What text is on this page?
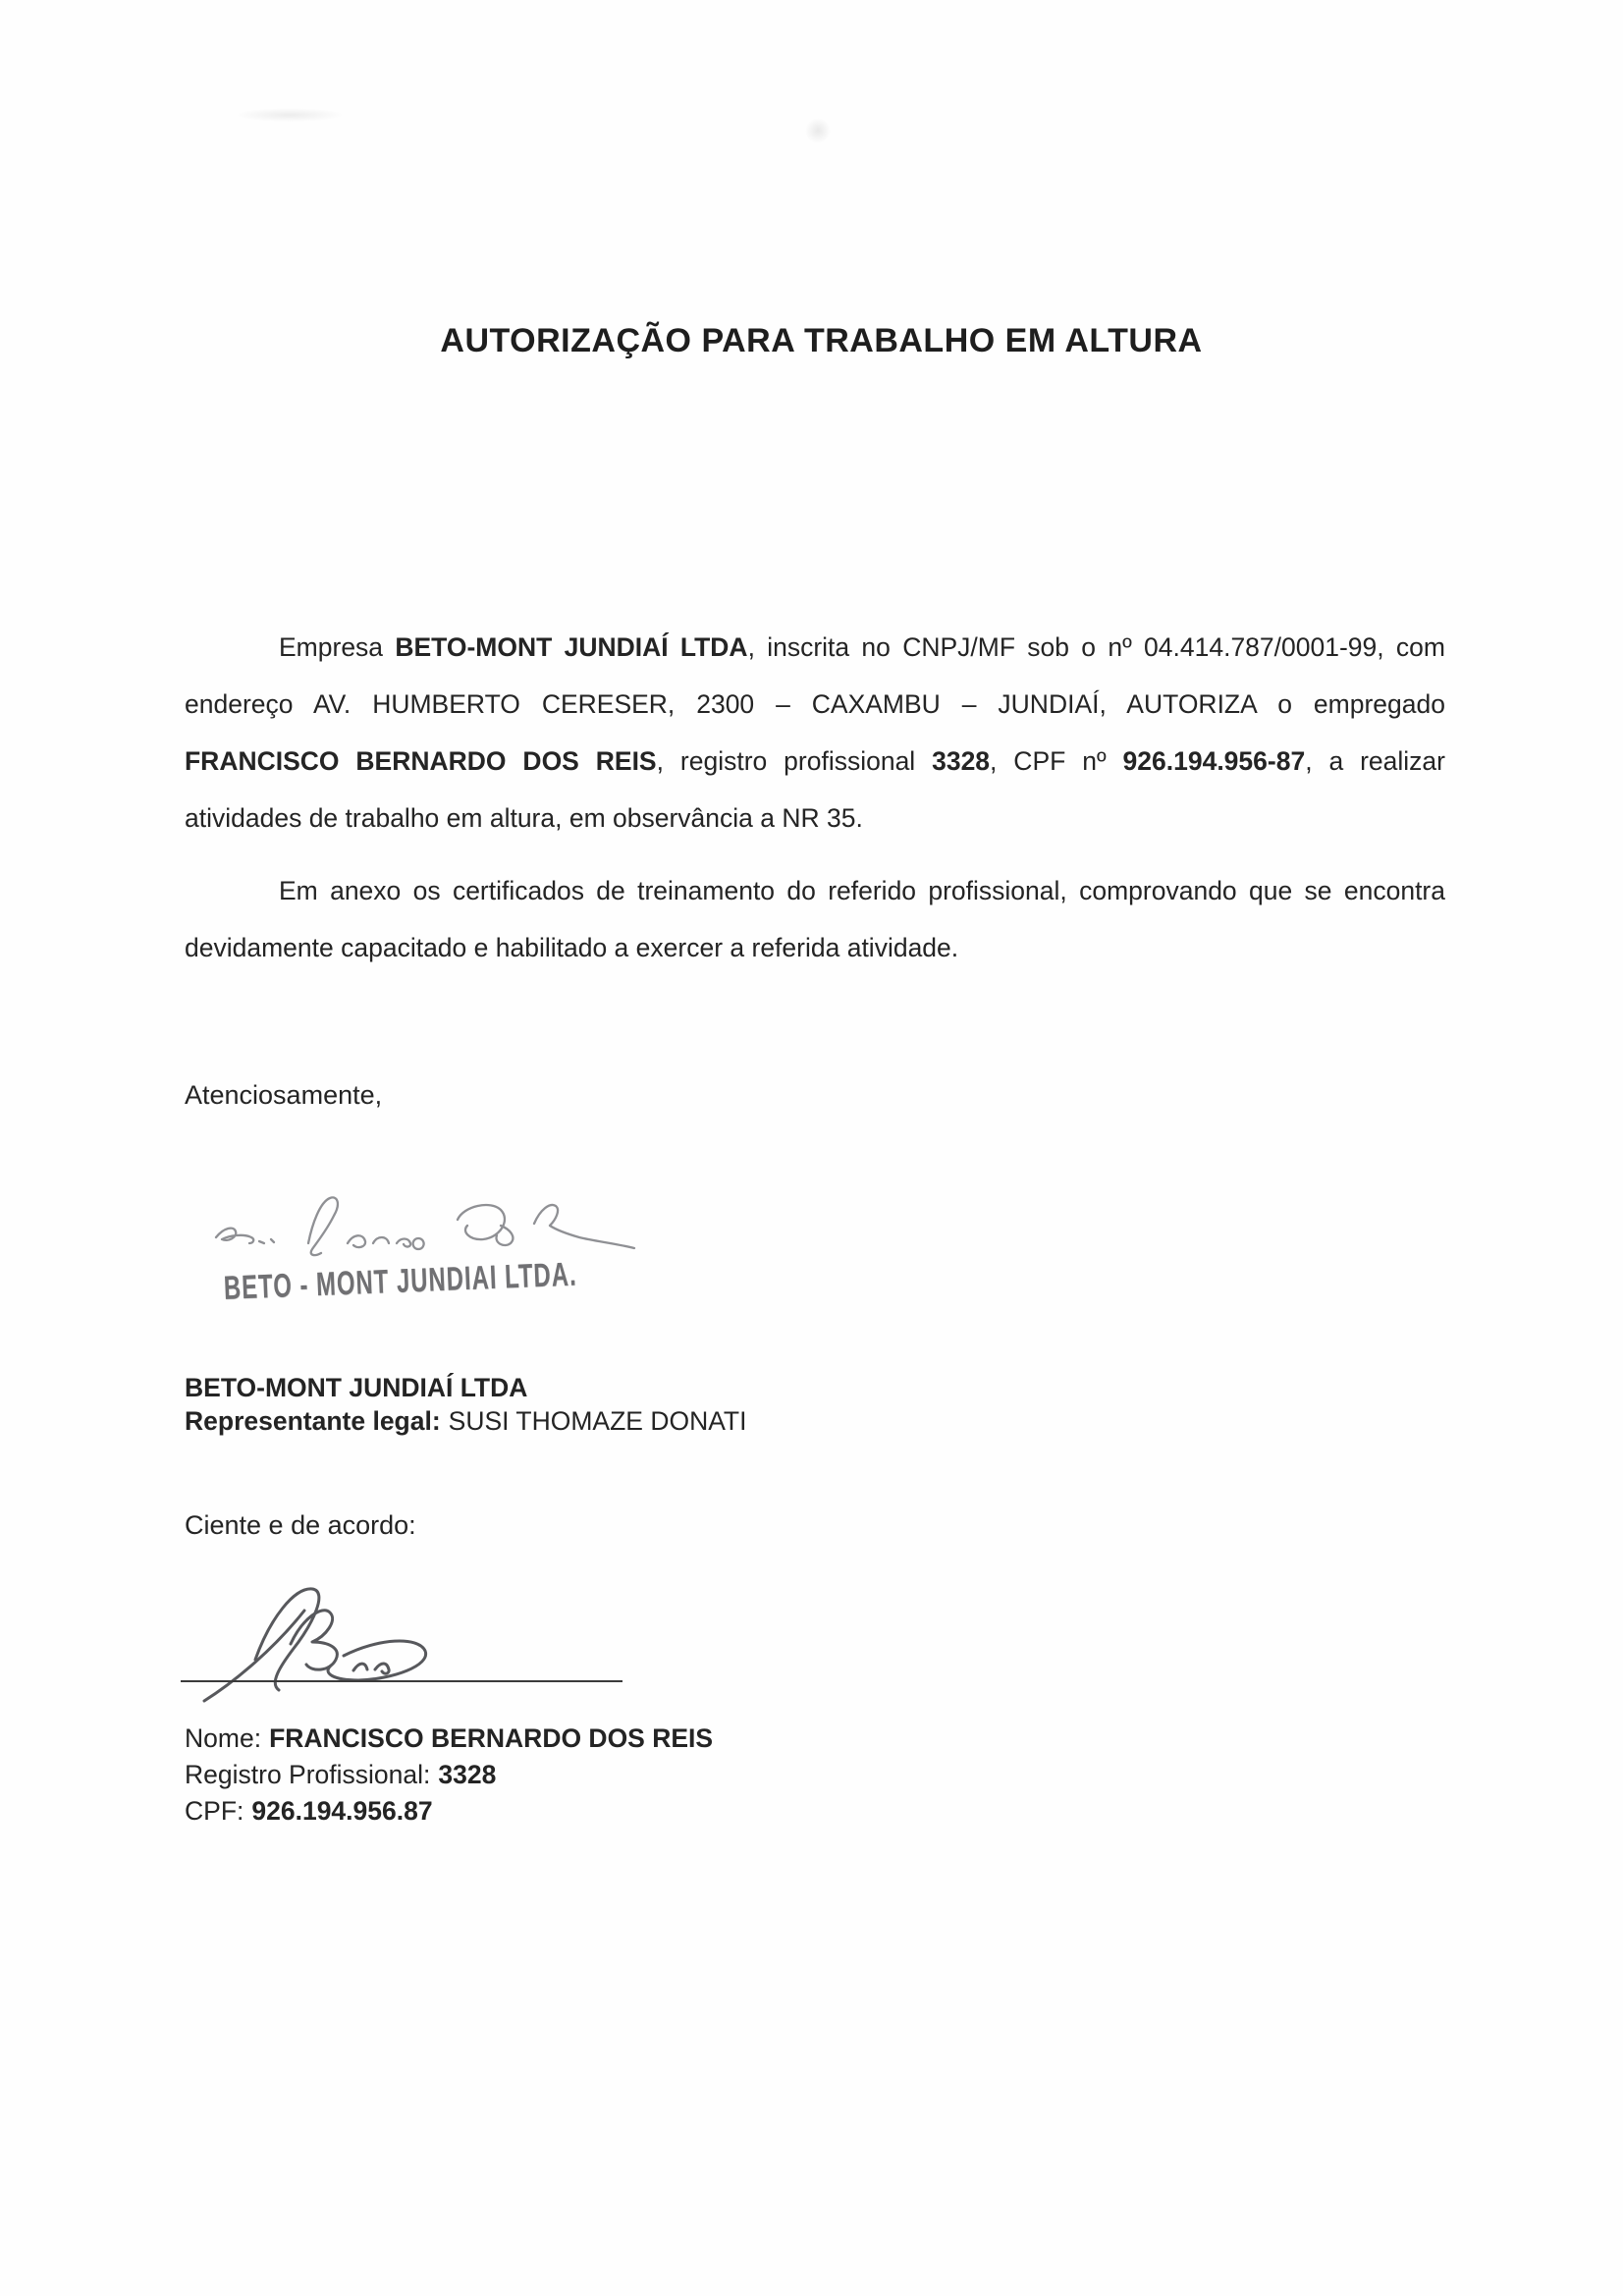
AUTORIZAÇÃO PARA TRABALHO EM ALTURA

Empresa BETO-MONT JUNDIAÍ LTDA, inscrita no CNPJ/MF sob o nº 04.414.787/0001-99, com endereço AV. HUMBERTO CERESER, 2300 – CAXAMBU – JUNDIAÍ, AUTORIZA o empregado FRANCISCO BERNARDO DOS REIS, registro profissional 3328, CPF nº 926.194.956-87, a realizar atividades de trabalho em altura, em observância a NR 35.

Em anexo os certificados de treinamento do referido profissional, comprovando que se encontra devidamente capacitado e habilitado a exercer a referida atividade.

Atenciosamente,
BETO - MONT JUNDIAI LTDA.
BETO-MONT JUNDIAÍ LTDA
Representante legal: SUSI THOMAZE DONATI
Ciente e de acordo:
Nome: FRANCISCO BERNARDO DOS REIS
Registro Profissional: 3328
CPF: 926.194.956.87
